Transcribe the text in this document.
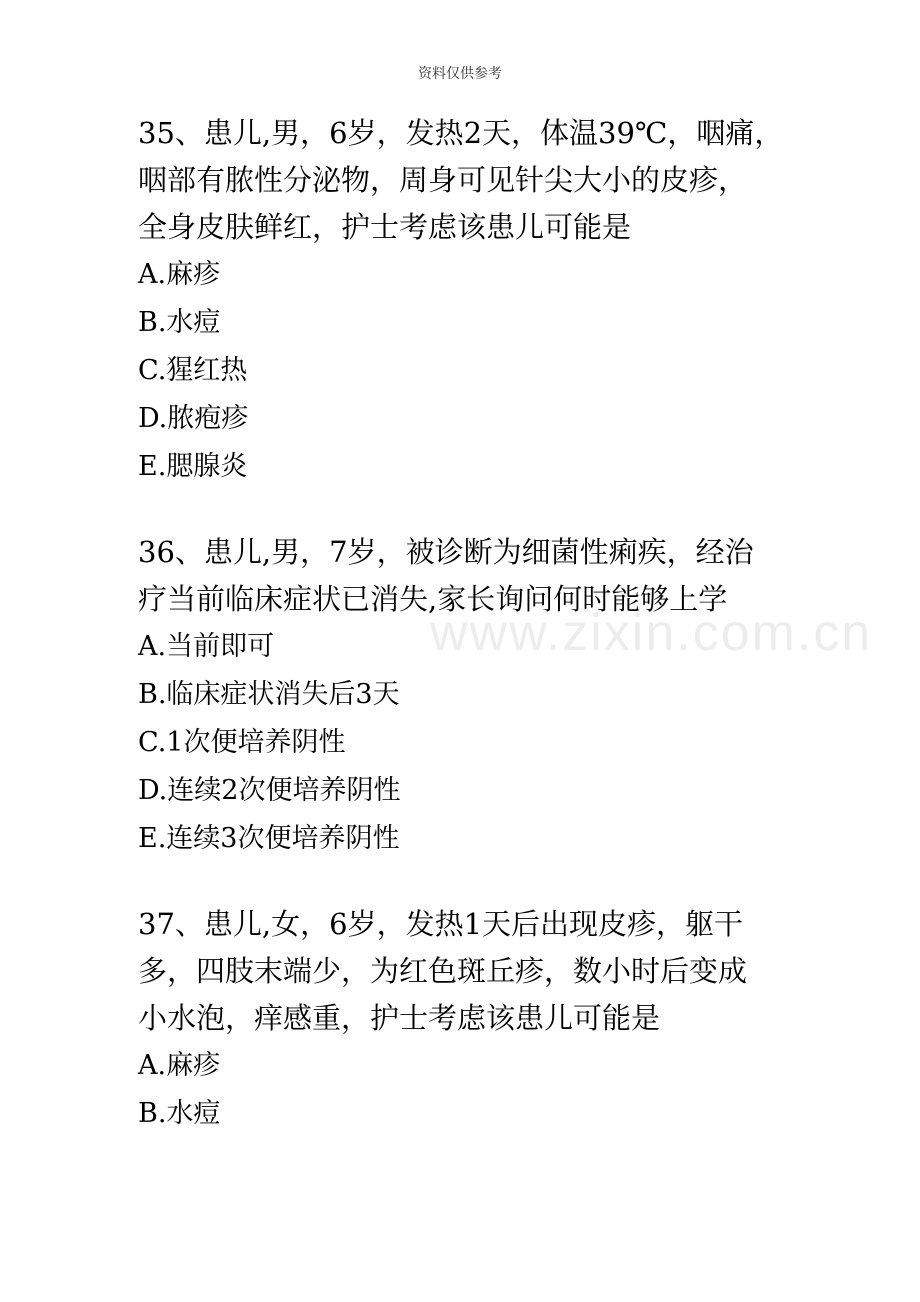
资料仅供参考
www.zixin.com.cn

35、患儿,男，6岁，发热2天，体温39℃，咽痛，

咽部有脓性分泌物，周身可见针尖大小的皮疹，

全身皮肤鲜红，护士考虑该患儿可能是

A.麻疹

B.水痘

C.猩红热

D.脓疱疹

E.腮腺炎

36、患儿,男，7岁，被诊断为细菌性痢疾，经治

疗当前临床症状已消失,家长询问何时能够上学

A.当前即可

B.临床症状消失后3天

C.1次便培养阴性

D.连续2次便培养阴性

E.连续3次便培养阴性

37、患儿,女，6岁，发热1天后出现皮疹，躯干

多，四肢末端少，为红色斑丘疹，数小时后变成

小水泡，痒感重，护士考虑该患儿可能是

A.麻疹

B.水痘
